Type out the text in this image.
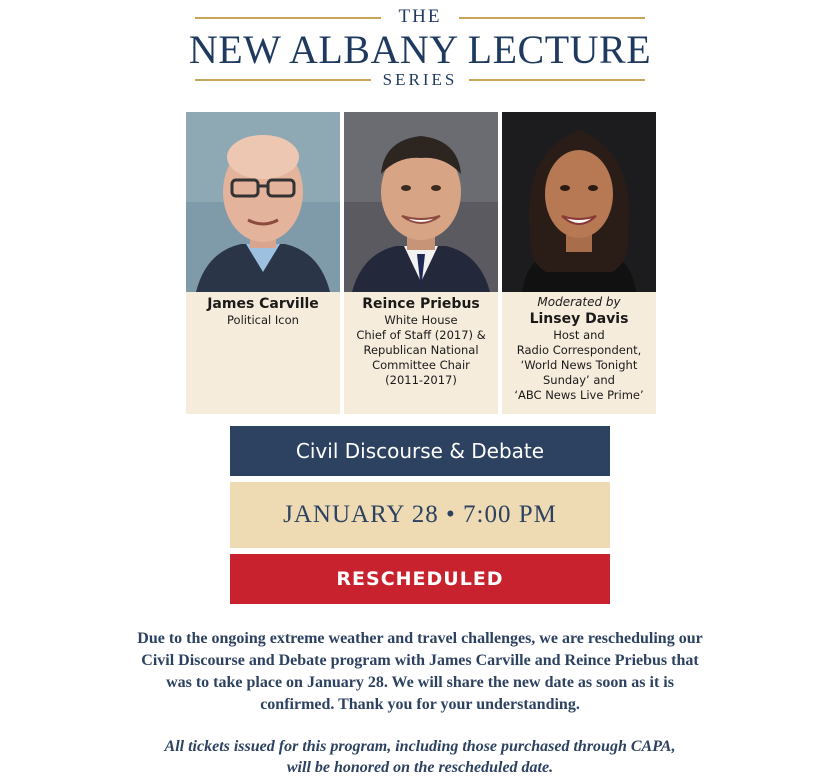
THE
NEW ALBANY LECTURE
SERIES
James Carville
Political Icon
Reince Priebus
White House
Chief of Staff (2017) &
Republican National
Committee Chair
(2011-2017)
Moderated by
Linsey Davis
Host and
Radio Correspondent,
‘World News Tonight
Sunday’ and
‘ABC News Live Prime’
Civil Discourse & Debate
JANUARY 28 • 7:00 PM
RESCHEDULED
Due to the ongoing extreme weather and travel challenges, we are rescheduling our
Civil Discourse and Debate program with James Carville and Reince Priebus that
was to take place on January 28. We will share the new date as soon as it is
confirmed. Thank you for your understanding.
All tickets issued for this program, including those purchased through CAPA,
will be honored on the rescheduled date.
